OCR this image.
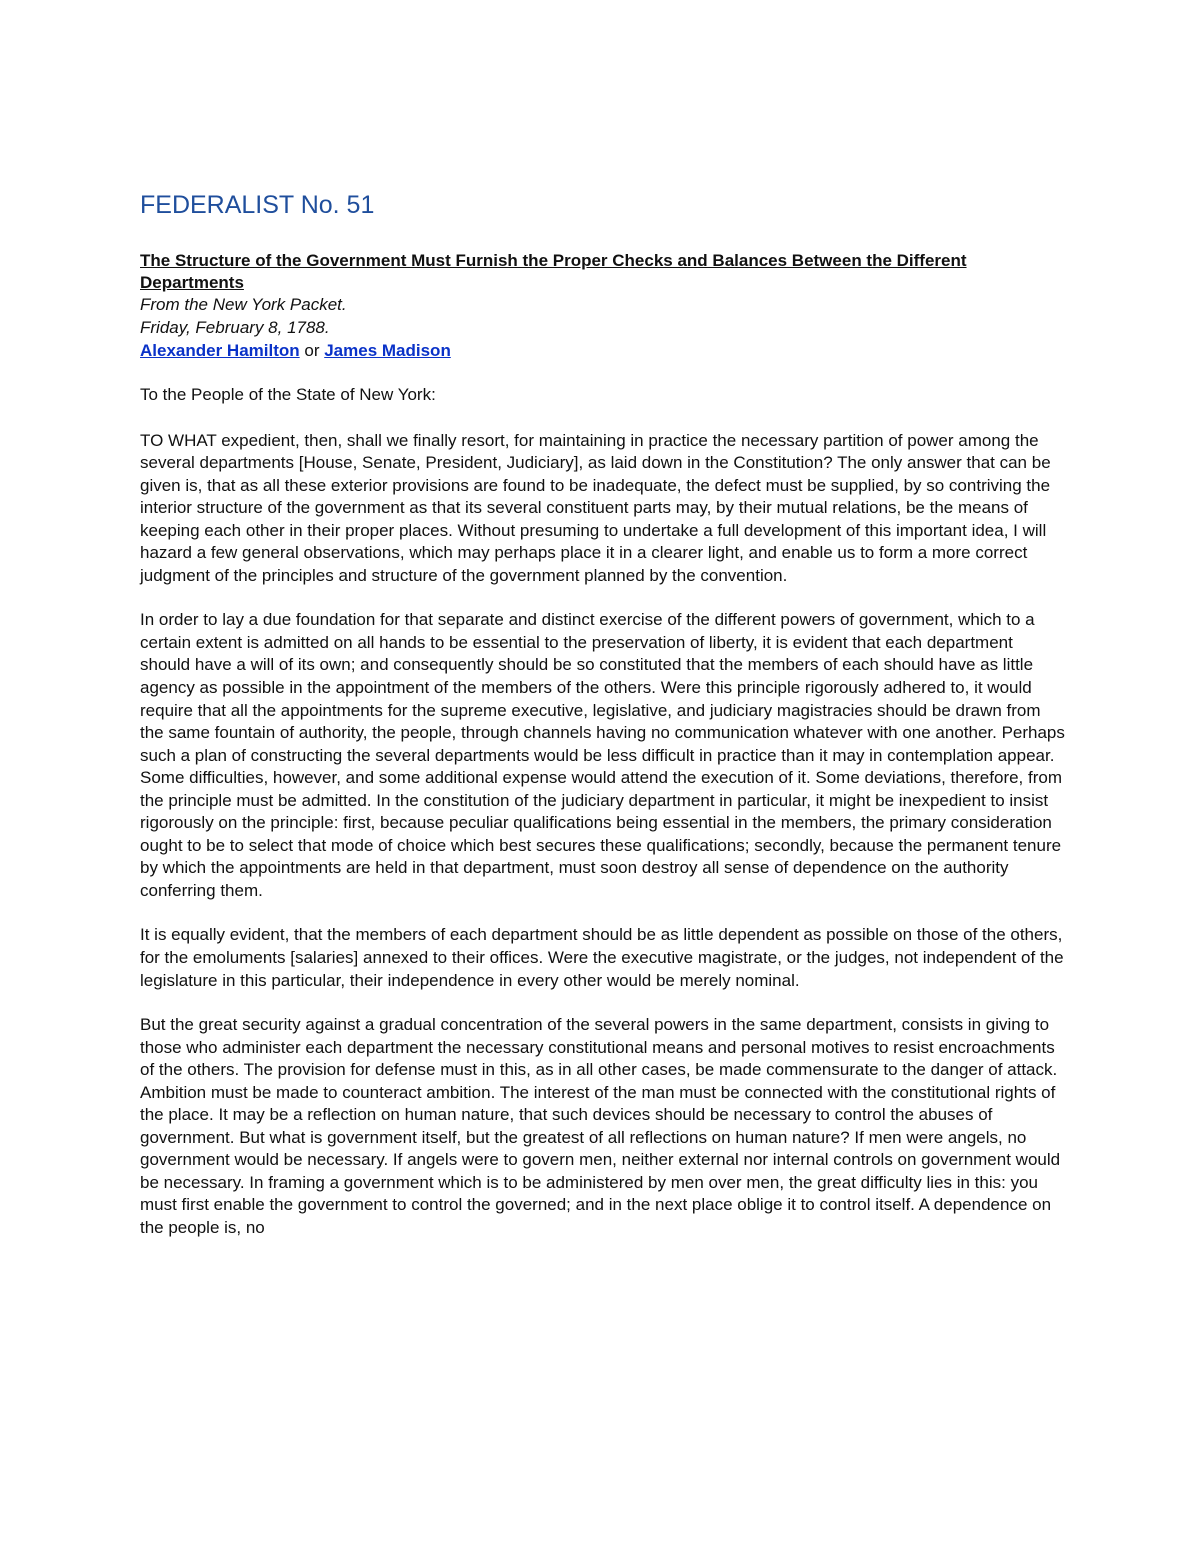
FEDERALIST No. 51
The Structure of the Government Must Furnish the Proper Checks and Balances Between the Different Departments
From the New York Packet.
Friday, February 8, 1788.
Alexander Hamilton or James Madison
To the People of the State of New York:

TO WHAT expedient, then, shall we finally resort, for maintaining in practice the necessary partition of power among the several departments [House, Senate, President, Judiciary], as laid down in the Constitution? The only answer that can be given is, that as all these exterior provisions are found to be inadequate, the defect must be supplied, by so contriving the interior structure of the government as that its several constituent parts may, by their mutual relations, be the means of keeping each other in their proper places. Without presuming to undertake a full development of this important idea, I will hazard a few general observations, which may perhaps place it in a clearer light, and enable us to form a more correct judgment of the principles and structure of the government planned by the convention.

In order to lay a due foundation for that separate and distinct exercise of the different powers of government, which to a certain extent is admitted on all hands to be essential to the preservation of liberty, it is evident that each department should have a will of its own; and consequently should be so constituted that the members of each should have as little agency as possible in the appointment of the members of the others. Were this principle rigorously adhered to, it would require that all the appointments for the supreme executive, legislative, and judiciary magistracies should be drawn from the same fountain of authority, the people, through channels having no communication whatever with one another. Perhaps such a plan of constructing the several departments would be less difficult in practice than it may in contemplation appear. Some difficulties, however, and some additional expense would attend the execution of it. Some deviations, therefore, from the principle must be admitted. In the constitution of the judiciary department in particular, it might be inexpedient to insist rigorously on the principle: first, because peculiar qualifications being essential in the members, the primary consideration ought to be to select that mode of choice which best secures these qualifications; secondly, because the permanent tenure by which the appointments are held in that department, must soon destroy all sense of dependence on the authority conferring them.

It is equally evident, that the members of each department should be as little dependent as possible on those of the others, for the emoluments [salaries] annexed to their offices. Were the executive magistrate, or the judges, not independent of the legislature in this particular, their independence in every other would be merely nominal.

But the great security against a gradual concentration of the several powers in the same department, consists in giving to those who administer each department the necessary constitutional means and personal motives to resist encroachments of the others. The provision for defense must in this, as in all other cases, be made commensurate to the danger of attack. Ambition must be made to counteract ambition. The interest of the man must be connected with the constitutional rights of the place. It may be a reflection on human nature, that such devices should be necessary to control the abuses of government. But what is government itself, but the greatest of all reflections on human nature? If men were angels, no government would be necessary. If angels were to govern men, neither external nor internal controls on government would be necessary. In framing a government which is to be administered by men over men, the great difficulty lies in this: you must first enable the government to control the governed; and in the next place oblige it to control itself. A dependence on the people is, no
